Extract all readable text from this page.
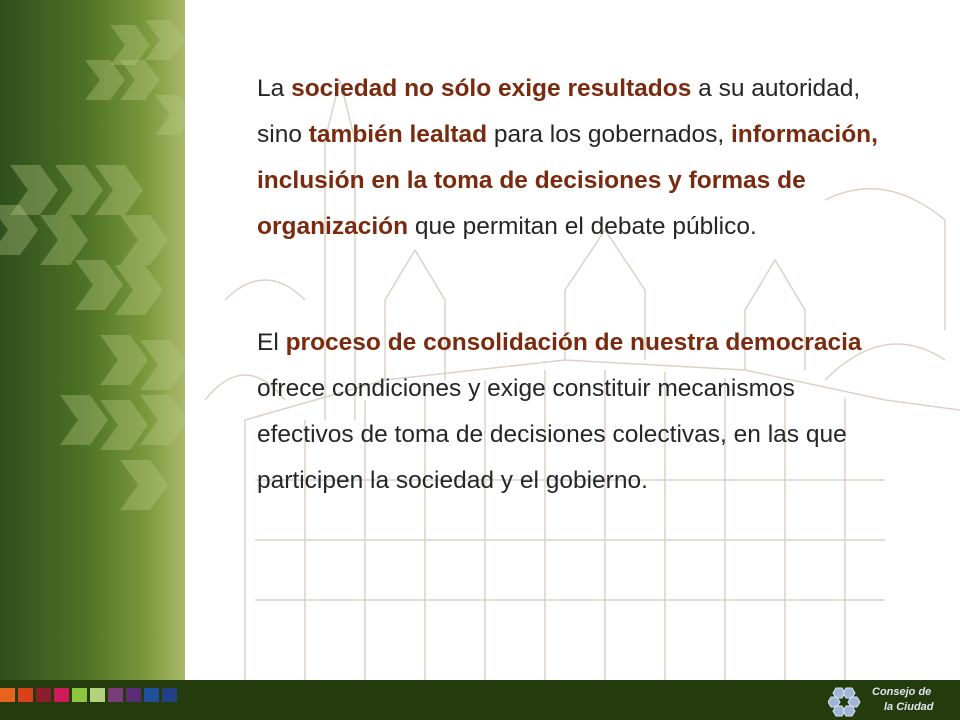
La sociedad no sólo exige resultados a su autoridad, sino también lealtad para los gobernados, información, inclusión en la toma de decisiones y formas de organización que permitan el debate público.

El proceso de consolidación de nuestra democracia ofrece condiciones y exige constituir mecanismos efectivos de toma de decisiones colectivas, en las que participen la sociedad y el gobierno.

Consejo de
la Ciudad
